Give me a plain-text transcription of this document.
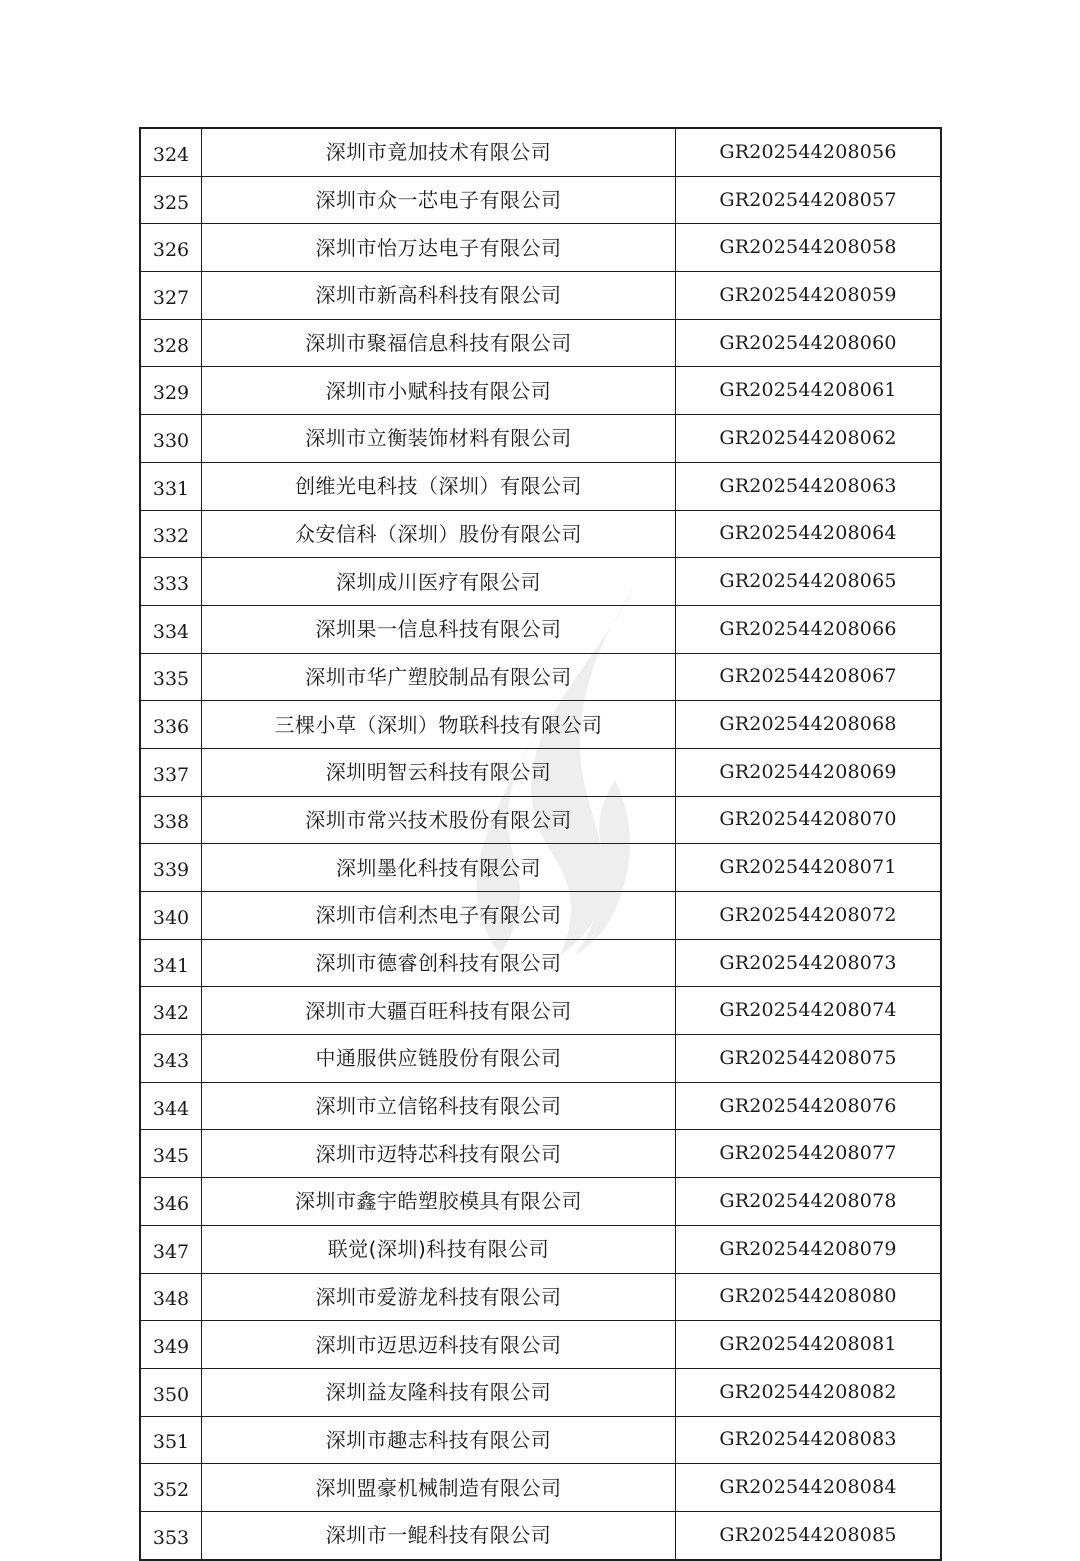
324	深圳市竟加技术有限公司	GR202544208056
325	深圳市众一芯电子有限公司	GR202544208057
326	深圳市怡万达电子有限公司	GR202544208058
327	深圳市新高科科技有限公司	GR202544208059
328	深圳市聚福信息科技有限公司	GR202544208060
329	深圳市小赋科技有限公司	GR202544208061
330	深圳市立衡装饰材料有限公司	GR202544208062
331	创维光电科技（深圳）有限公司	GR202544208063
332	众安信科（深圳）股份有限公司	GR202544208064
333	深圳成川医疗有限公司	GR202544208065
334	深圳果一信息科技有限公司	GR202544208066
335	深圳市华广塑胶制品有限公司	GR202544208067
336	三棵小草（深圳）物联科技有限公司	GR202544208068
337	深圳明智云科技有限公司	GR202544208069
338	深圳市常兴技术股份有限公司	GR202544208070
339	深圳墨化科技有限公司	GR202544208071
340	深圳市信利杰电子有限公司	GR202544208072
341	深圳市德睿创科技有限公司	GR202544208073
342	深圳市大疆百旺科技有限公司	GR202544208074
343	中通服供应链股份有限公司	GR202544208075
344	深圳市立信铭科技有限公司	GR202544208076
345	深圳市迈特芯科技有限公司	GR202544208077
346	深圳市鑫宇皓塑胶模具有限公司	GR202544208078
347	联觉(深圳)科技有限公司	GR202544208079
348	深圳市爱游龙科技有限公司	GR202544208080
349	深圳市迈思迈科技有限公司	GR202544208081
350	深圳益友隆科技有限公司	GR202544208082
351	深圳市趣志科技有限公司	GR202544208083
352	深圳盟豪机械制造有限公司	GR202544208084
353	深圳市一鲲科技有限公司	GR202544208085
